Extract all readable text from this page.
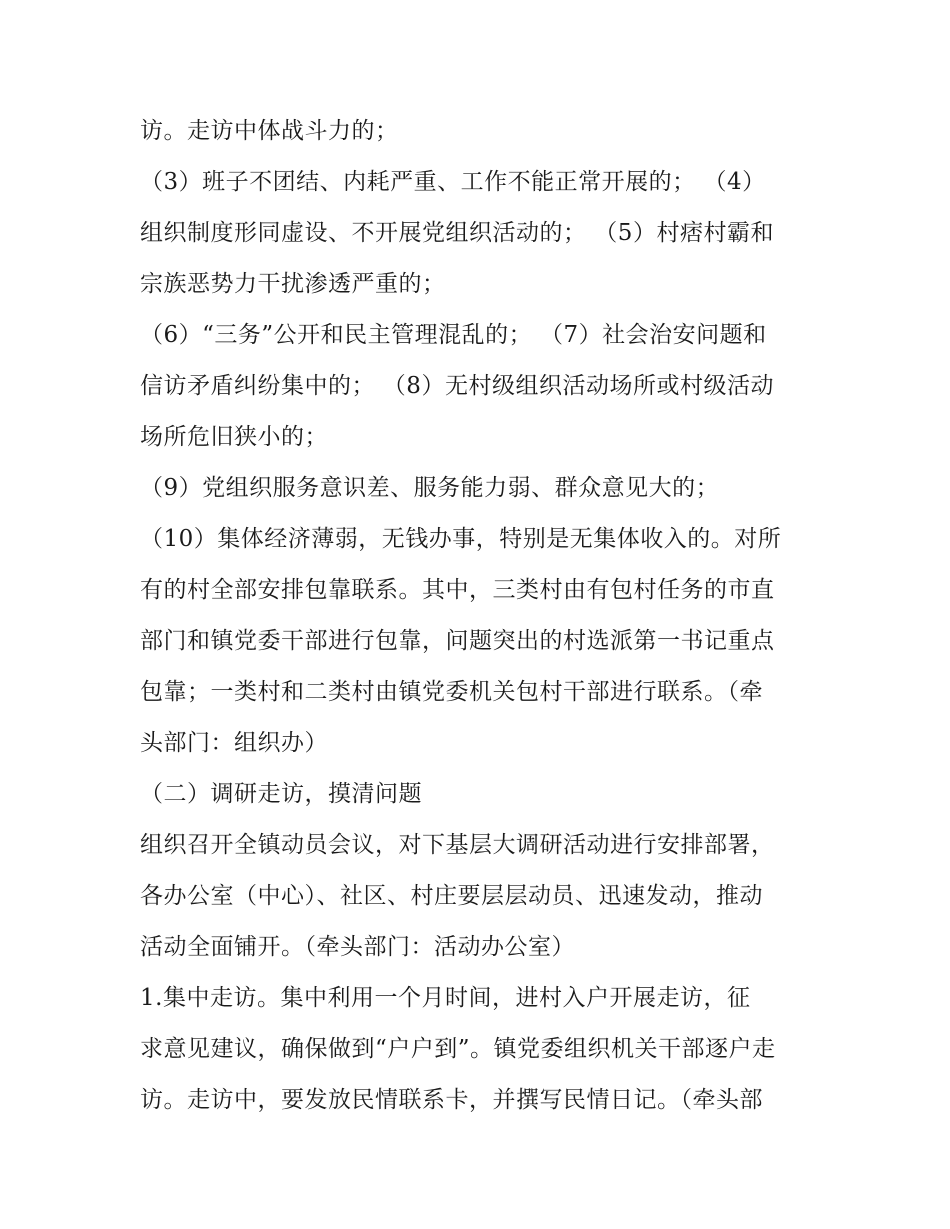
访。走访中体战斗力的；
（3）班子不团结、内耗严重、工作不能正常开展的； （4）
组织制度形同虚设、不开展党组织活动的； （5）村痞村霸和
宗族恶势力干扰渗透严重的；
（6）“三务”公开和民主管理混乱的； （7）社会治安问题和
信访矛盾纠纷集中的； （8）无村级组织活动场所或村级活动
场所危旧狭小的；
（9）党组织服务意识差、服务能力弱、群众意见大的；
（10）集体经济薄弱，无钱办事，特别是无集体收入的。对所
有的村全部安排包靠联系。其中，三类村由有包村任务的市直
部门和镇党委干部进行包靠，问题突出的村选派第一书记重点
包靠；一类村和二类村由镇党委机关包村干部进行联系。（牵
头部门：组织办）
（二）调研走访，摸清问题
组织召开全镇动员会议，对下基层大调研活动进行安排部署，
各办公室（中心）、社区、村庄要层层动员、迅速发动，推动
活动全面铺开。（牵头部门：活动办公室）
1.集中走访。集中利用一个月时间，进村入户开展走访，征
求意见建议，确保做到“户户到”。镇党委组织机关干部逐户走
访。走访中，要发放民情联系卡，并撰写民情日记。（牵头部
